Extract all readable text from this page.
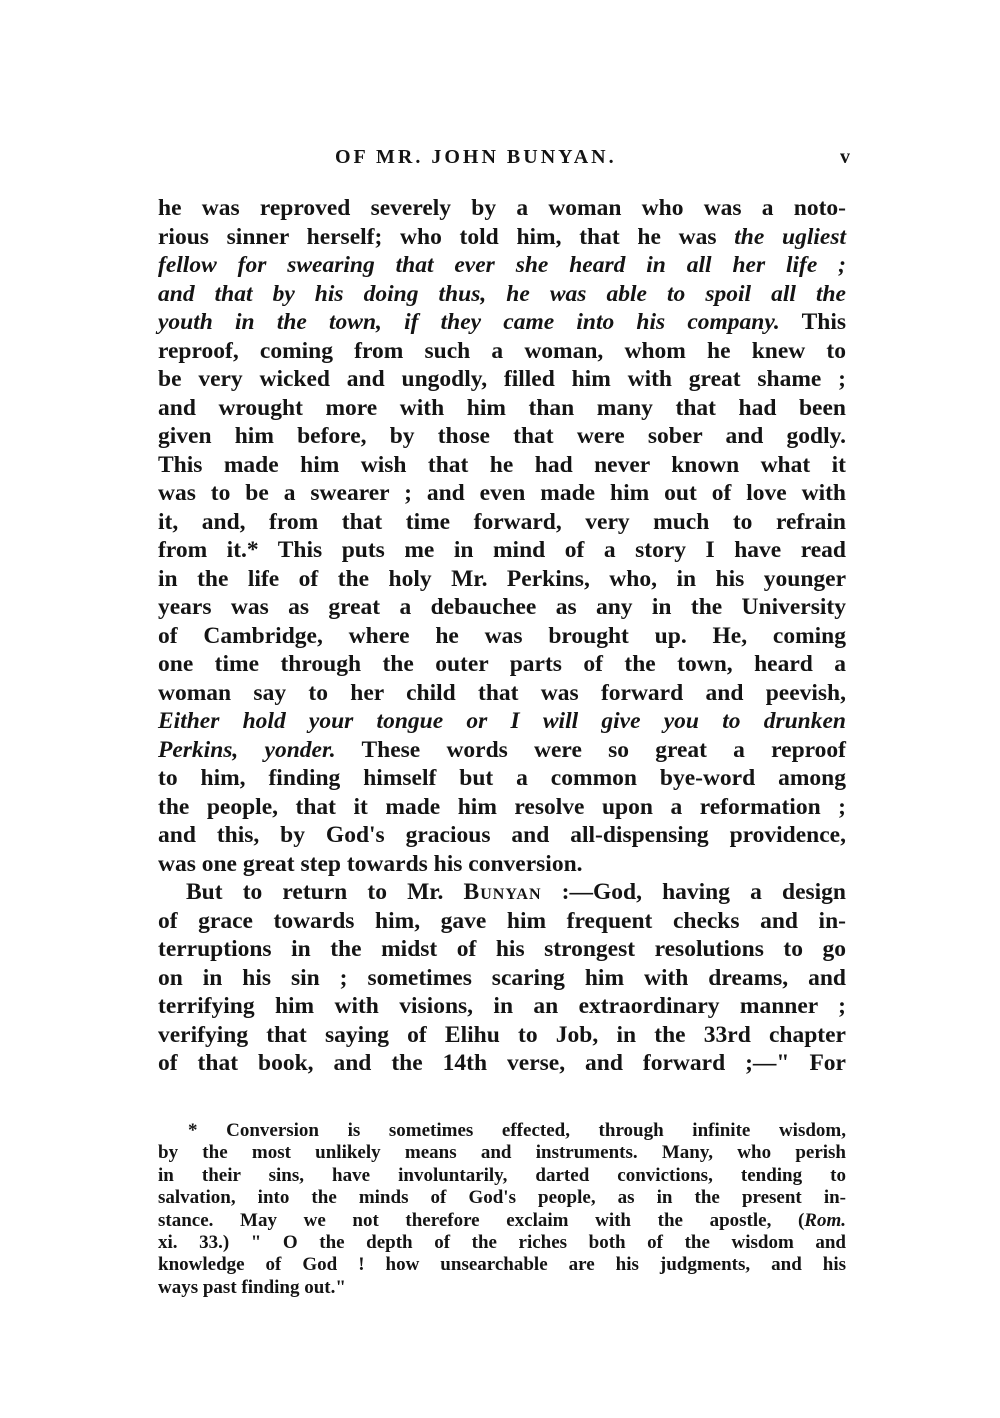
OF MR. JOHN BUNYAN.	v
he was reproved severely by a woman who was a noto-
rious sinner herself; who told him, that he was the ugliest
fellow for swearing that ever she heard in all her life ;
and that by his doing thus, he was able to spoil all the
youth in the town, if they came into his company. This
reproof, coming from such a woman, whom he knew to
be very wicked and ungodly, filled him with great shame ;
and wrought more with him than many that had been
given him before, by those that were sober and godly.
This made him wish that he had never known what it
was to be a swearer ; and even made him out of love with
it, and, from that time forward, very much to refrain
from it.* This puts me in mind of a story I have read
in the life of the holy Mr. Perkins, who, in his younger
years was as great a debauchee as any in the University
of Cambridge, where he was brought up. He, coming
one time through the outer parts of the town, heard a
woman say to her child that was forward and peevish,
Either hold your tongue or I will give you to drunken
Perkins, yonder. These words were so great a reproof
to him, finding himself but a common bye-word among
the people, that it made him resolve upon a reformation ;
and this, by God's gracious and all-dispensing providence,
was one great step towards his conversion.
But to return to Mr. Bunyan :—God, having a design
of grace towards him, gave him frequent checks and in-
terruptions in the midst of his strongest resolutions to go
on in his sin ; sometimes scaring him with dreams, and
terrifying him with visions, in an extraordinary manner ;
verifying that saying of Elihu to Job, in the 33rd chapter
of that book, and the 14th verse, and forward ;—" For
* Conversion is sometimes effected, through infinite wisdom,
by the most unlikely means and instruments. Many, who perish
in their sins, have involuntarily, darted convictions, tending to
salvation, into the minds of God's people, as in the present in-
stance. May we not therefore exclaim with the apostle, (Rom.
xi. 33.) " O the depth of the riches both of the wisdom and
knowledge of God ! how unsearchable are his judgments, and his
ways past finding out."
